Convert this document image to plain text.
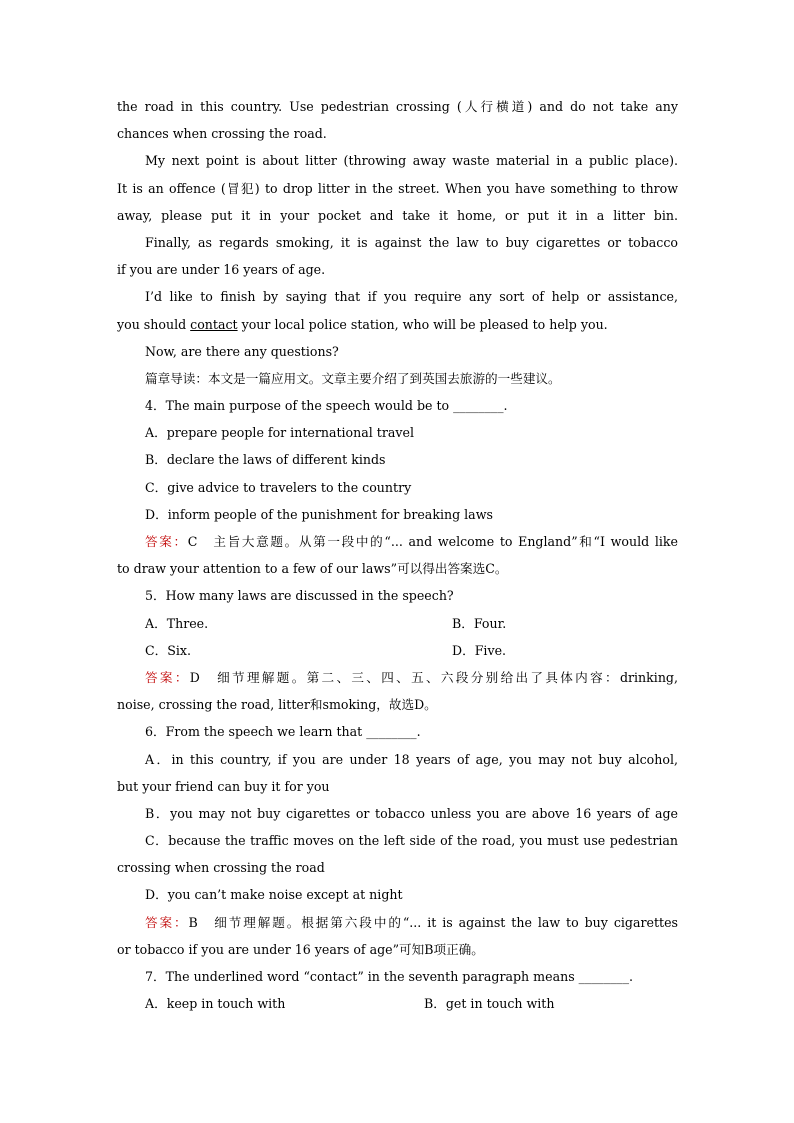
the road in this country. Use pedestrian crossing (人行横道) and do not take any
chances when crossing the road.
My next point is about litter (throwing away waste material in a public place).
It is an offence (冒犯) to drop litter in the street. When you have something to throw
away, please put it in your pocket and take it home, or put it in a litter bin.
Finally, as regards smoking, it is against the law to buy cigarettes or tobacco
if you are under 16 years of age.
I’d like to finish by saying that if you require any sort of help or assistance,
you should contact your local police station, who will be pleased to help you.
Now, are there any questions?
篇章导读：本文是一篇应用文。文章主要介绍了到英国去旅游的一些建议。
4．The main purpose of the speech would be to ________.
A．prepare people for international travel
B．declare the laws of different kinds
C．give advice to travelers to the country
D．inform people of the punishment for breaking laws
答案：C　主旨大意题。从第一段中的“... and welcome to England”和“I would like
to draw your attention to a few of our laws”可以得出答案选C。
5．How many laws are discussed in the speech?
A．Three.	B．Four.
C．Six.	D．Five.
答案：D　细节理解题。第二、三、四、五、六段分别给出了具体内容：drinking,
noise, crossing the road, litter和smoking，故选D。
6．From the speech we learn that ________.
A．in this country, if you are under 18 years of age, you may not buy alcohol,
but your friend can buy it for you
B．you may not buy cigarettes or tobacco unless you are above 16 years of age
C．because the traffic moves on the left side of the road, you must use pedestrian
crossing when crossing the road
D．you can’t make noise except at night
答案：B　细节理解题。根据第六段中的“... it is against the law to buy cigarettes
or tobacco if you are under 16 years of age”可知B项正确。
7．The underlined word “contact” in the seventh paragraph means ________.
A．keep in touch with	B．get in touch with
